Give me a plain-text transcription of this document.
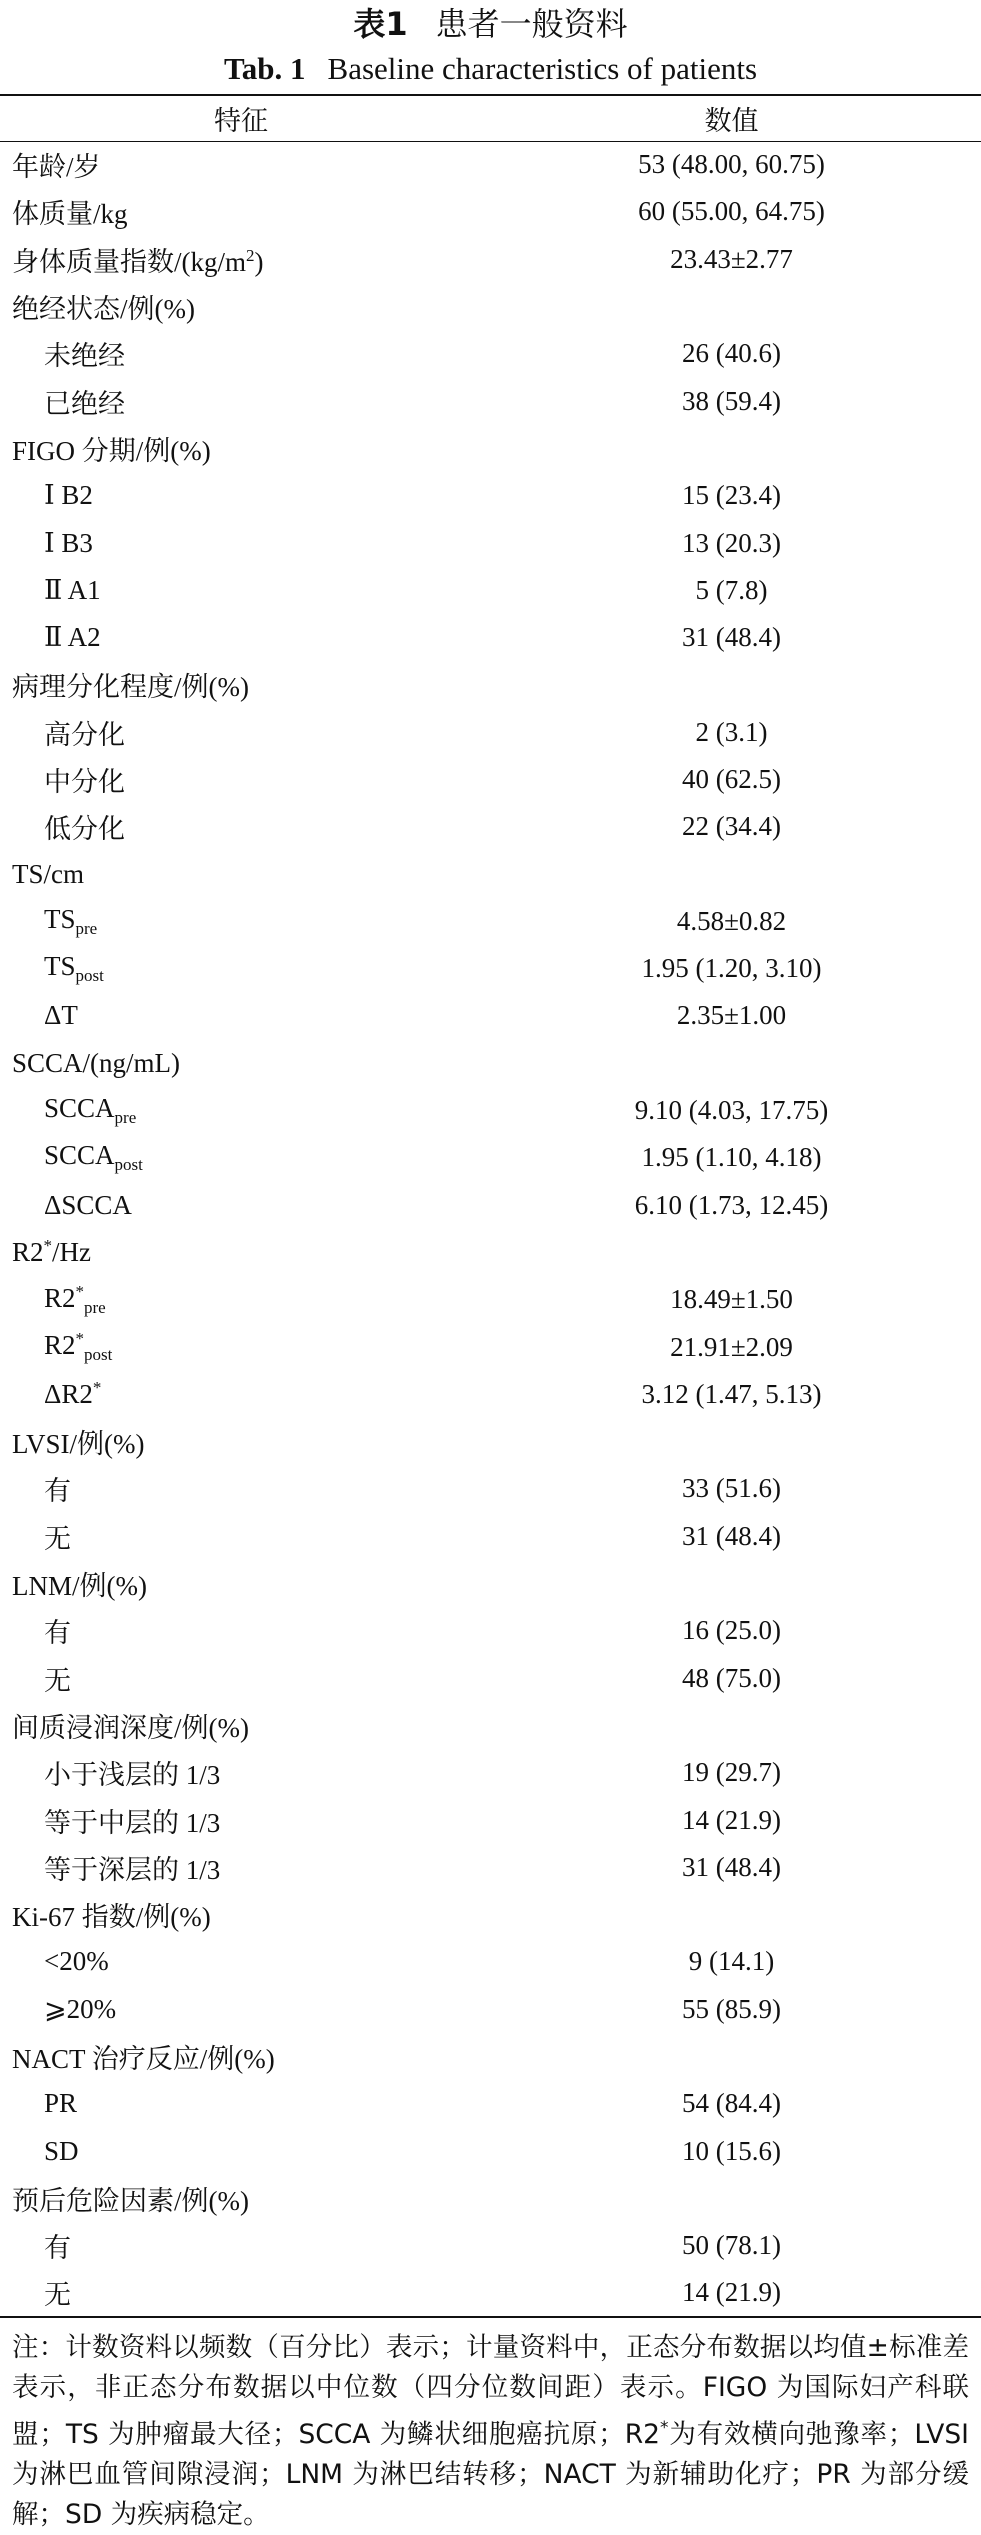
表1 患者一般资料
Tab. 1 Baseline characteristics of patients
特征	数值
年龄/岁	53 (48.00, 60.75)
体质量/kg	60 (55.00, 64.75)
身体质量指数$/(kg/m^2)$	23.43±2.77
绝经状态/例(%)	
未绝经	26 (40.6)
已绝经	38 (59.4)
FIGO 分期/例(%)	
Ⅰ B2	15 (23.4)
Ⅰ B3	13 (20.3)
Ⅱ A1	5 (7.8)
Ⅱ A2	31 (48.4)
病理分化程度/例(%)	
高分化	2 (3.1)
中分化	40 (62.5)
低分化	22 (34.4)
TS/cm	
$TS_{pre}$	4.58±0.82
$TS_{post}$	1.95 (1.20, 3.10)
ΔT	2.35±1.00
SCCA/(ng/mL)	
$SCCA_{pre}$	9.10 (4.03, 17.75)
$SCCA_{post}$	1.95 (1.10, 4.18)
ΔSCCA	6.10 (1.73, 12.45)
R2*/Hz	
$R2^*_{pre}$	18.49±1.50
$R2^*_{post}$	21.91±2.09
ΔR2*	3.12 (1.47, 5.13)
LVSI/例(%)	
有	33 (51.6)
无	31 (48.4)
LNM/例(%)	
有	16 (25.0)
无	48 (75.0)
间质浸润深度/例(%)	
小于浅层的 1/3	19 (29.7)
等于中层的 1/3	14 (21.9)
等于深层的 1/3	31 (48.4)
Ki-67 指数/例(%)	
<20%	9 (14.1)
⩾20%	55 (85.9)
NACT 治疗反应/例(%)	
PR	54 (84.4)
SD	10 (15.6)
预后危险因素/例(%)	
有	50 (78.1)
无	14 (21.9)
注：计数资料以频数（百分比）表示；计量资料中，正态分布数据以均值±标准差表示，非正态分布数据以中位数（四分位数间距）表示。FIGO 为国际妇产科联盟；TS 为肿瘤最大径；SCCA 为鳞状细胞癌抗原；R2*为有效横向弛豫率；LVSI 为淋巴血管间隙浸润；LNM 为淋巴结转移；NACT 为新辅助化疗；PR 为部分缓解；SD 为疾病稳定。
